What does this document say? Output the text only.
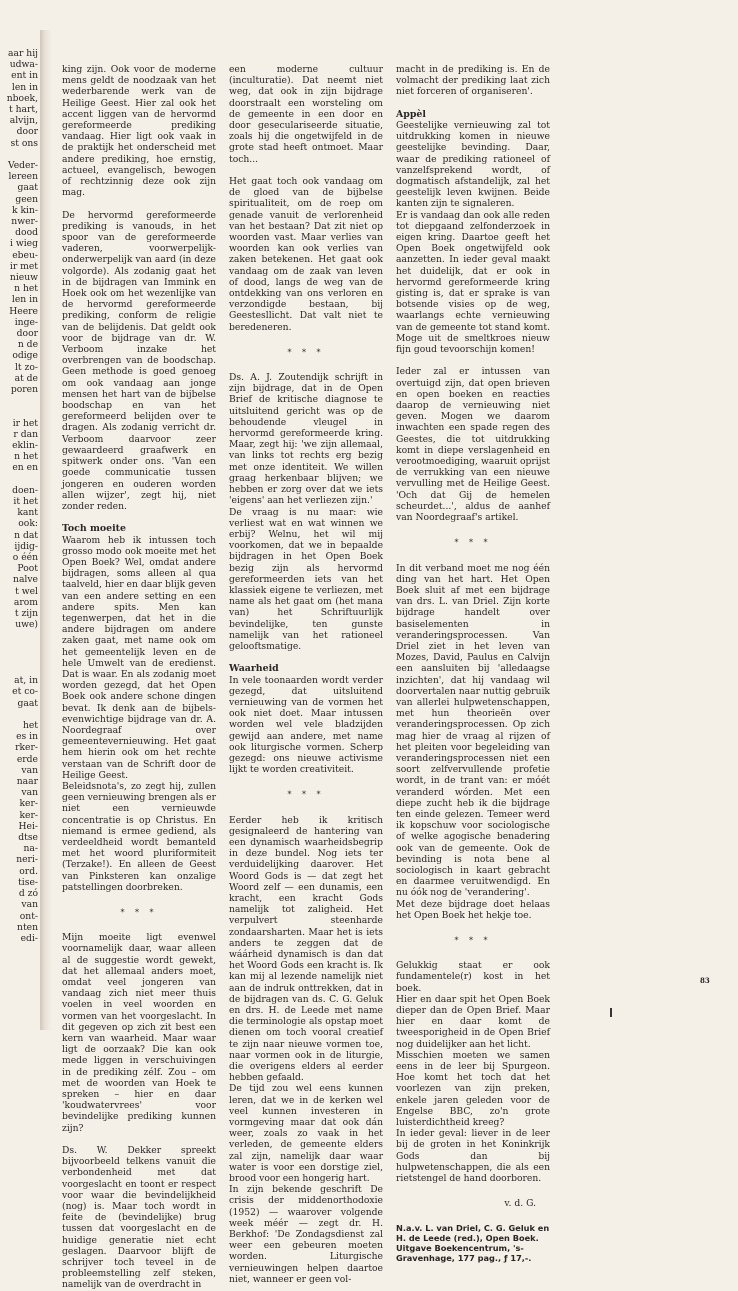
aar hij
udwa-
ent in
len in
nboek,
t hart,
alvijn,
door
st ons
Veder-
lereen
gaat
geen
k kin-
nwer-
dood
i wieg
ebeu-
ir met
nieuw
n het
len in
Heere
inge-
door
n de
odige
lt zo-
at de
poren
ir het
r dan
eklin-
n het
en en
doen-
it het
kant
ook:
n dat
ijdig-
o één
Poot
nalve
t wel
arom
t zijn
uwe)
at, in
et co-
gaat
het
es in
rker-
erde
van
naar
van
ker-
ker-
Hei-
dtse
na-
neri-
ord.
tise-
d zó
van
ont-
nten
edi-

king zijn. Ook voor de moderne mens geldt de noodzaak van het wederbarende werk van de Heilige Geest. Hier zal ook het accent liggen van de hervormd gereformeerde prediking vandaag. Hier ligt ook vaak in de praktijk het onderscheid met andere prediking, hoe ernstig, actueel, evangelisch, bewogen of rechtzinnig deze ook zijn mag.

De hervormd gereformeerde prediking is vanouds, in het spoor van de gereformeerde vaderen, voorwerpelijk-onderwerpelijk van aard (in deze volgorde). Als zodanig gaat het in de bijdragen van Immink en Hoek ook om het wezenlijke van de hervormd gereformeerde prediking, conform de religie van de belijdenis. Dat geldt ook voor de bijdrage van dr. W. Verboom inzake het overbrengen van de boodschap. Geen methode is goed genoeg om ook vandaag aan jonge mensen het hart van de bijbelse boodschap en van het gereformeerd belijden over te dragen. Als zodanig verricht dr. Verboom daarvoor zeer gewaardeerd graafwerk en spitwerk onder ons. 'Van een goede communicatie tussen jongeren en ouderen worden allen wijzer', zegt hij, niet zonder reden.

Toch moeite

Waarom heb ik intussen toch grosso modo ook moeite met het Open Boek? Wel, omdat andere bijdragen, soms alleen al qua taalveld, hier en daar blijk geven van een andere setting en een andere spits. Men kan tegenwerpen, dat het in die andere bijdragen om andere zaken gaat, met name ook om het gemeentelijk leven en de hele Umwelt van de eredienst. Dat is waar. En als zodanig moet worden gezegd, dat het Open Boek ook andere schone dingen bevat. Ik denk aan de bijbels-evenwichtige bijdrage van dr. A. Noordegraaf over gemeentevernieuwing. Het gaat hem hierin ook om het rechte verstaan van de Schrift door de Heilige Geest.

Beleidsnota's, zo zegt hij, zullen geen vernieuwing brengen als er niet een vernieuwde concentratie is op Christus. En niemand is ermee gediend, als verdeeldheid wordt bemanteld met het woord pluriformiteit (Terzake!). En alleen de Geest van Pinksteren kan onzalige patstellingen doorbreken.

* * *

Mijn moeite ligt evenwel voornamelijk daar, waar alleen al de suggestie wordt gewekt, dat het allemaal anders moet, omdat veel jongeren van vandaag zich niet meer thuis voelen in veel woorden en vormen van het voorgeslacht. In dit gegeven op zich zit best een kern van waarheid. Maar waar ligt de oorzaak? Die kan ook mede liggen in verschuivingen in de prediking zélf. Zou – om met de woorden van Hoek te spreken – hier en daar 'koudwatervrees' voor bevindelijke prediking kunnen zijn?

Ds. W. Dekker spreekt bijvoorbeeld telkens vanuit die verbondenheid met dat voorgeslacht en toont er respect voor waar die bevindelijkheid (nog) is. Maar toch wordt in feite de (bevindelijke) brug tussen dat voorgeslacht en de huidige generatie niet echt geslagen. Daarvoor blijft de schrijver toch teveel in de probleemstelling zelf steken, namelijk van de overdracht in

een moderne cultuur (inculturatie). Dat neemt niet weg, dat ook in zijn bijdrage doorstraalt een worsteling om de gemeente in een door en door geseculariseerde situatie, zoals hij die ongetwijfeld in de grote stad heeft ontmoet. Maar toch...

Het gaat toch ook vandaag om de gloed van de bijbelse spiritualiteit, om de roep om genade vanuit de verlorenheid van het bestaan? Dat zit niet op woorden vast. Maar verlies van woorden kan ook verlies van zaken betekenen. Het gaat ook vandaag om de zaak van leven of dood, langs de weg van de ontdekking van ons verloren en verzondigde bestaan, bij Geestesllicht. Dat valt niet te beredeneren.

* * *

Ds. A. J. Zoutendijk schrijft in zijn bijdrage, dat in de Open Brief de kritische diagnose te uitsluitend gericht was op de behoudende vleugel in hervormd gereformeerde kring. Maar, zegt hij: 'we zijn allemaal, van links tot rechts erg bezig met onze identiteit. We willen graag herkenbaar blijven; we hebben er zorg over dat we iets 'eigens' aan het verliezen zijn.'

De vraag is nu maar: wie verliest wat en wat winnen we erbij? Welnu, het wil mij voorkomen, dat we in bepaalde bijdragen in het Open Boek bezig zijn als hervormd gereformeerden iets van het klassiek eigene te verliezen, met name als het gaat om (het mana van) het Schriftuurlijk bevindelijke, ten gunste namelijk van het rationeel gelooftsmatige.

Waarheid

In vele toonaarden wordt verder gezegd, dat uitsluitend vernieuwing van de vormen het ook niet doet. Maar intussen worden wel vele bladzijden gewijd aan andere, met name ook liturgische vormen. Scherp gezegd: ons nieuwe activisme lijkt te worden creativiteit.

* * *

Eerder heb ik kritisch gesignaleerd de hantering van een dynamisch waarheidsbegrip in deze bundel. Nog iets ter verduidelijking daarover. Het Woord Gods is — dat zegt het Woord zelf — een dunamis, een kracht, een kracht Gods namelijk tot zaligheid. Het verpulvert steenharde zondaarsharten. Maar het is iets anders te zeggen dat de wáárheid dynamisch is dan dat het Woord Gods een kracht is. Ik kan mij al lezende namelijk niet aan de indruk onttrekken, dat in de bijdragen van ds. C. G. Geluk en drs. H. de Leede met name die terminologie als opstap moet dienen om toch vooral creatief te zijn naar nieuwe vormen toe, naar vormen ook in de liturgie, die overigens elders al eerder hebben gefaald.

De tijd zou wel eens kunnen leren, dat we in de kerken wel veel kunnen investeren in vormgeving maar dat ook dán weer, zoals zo vaak in het verleden, de gemeente elders zal zijn, namelijk daar waar water is voor een dorstige ziel, brood voor een hongerig hart.

In zijn bekende geschrift De crisis der middenorthodoxie (1952) — waarover volgende week méér — zegt dr. H. Berkhof: 'De Zondagsdienst zal weer een gebeuren moeten worden. Liturgische vernieuwingen helpen daartoe niet, wanneer er geen vol-

macht in de prediking is. En de volmacht der prediking laat zich niet forceren of organiseren'.

Appèl

Geestelijke vernieuwing zal tot uitdrukking komen in nieuwe geestelijke bevinding. Daar, waar de prediking rationeel of vanzelfsprekend wordt, of dogmatisch afstandelijk, zal het geestelijk leven kwijnen. Beide kanten zijn te signaleren.

Er is vandaag dan ook alle reden tot diepgaand zelfonderzoek in eigen kring. Daartoe geeft het Open Boek ongetwijfeld ook aanzetten. In ieder geval maakt het duidelijk, dat er ook in hervormd gereformeerde kring gisting is, dat er sprake is van botsende visies op de weg, waarlangs echte vernieuwing van de gemeente tot stand komt. Moge uit de smeltkroes nieuw fijn goud tevoorschijn komen!

Ieder zal er intussen van overtuigd zijn, dat open brieven en open boeken en reacties daarop de vernieuwing niet geven. Mogen we daarom inwachten een spade regen des Geestes, die tot uitdrukking komt in diepe verslagenheid en verootmoediging, waaruit oprijst de verrukking van een nieuwe vervulling met de Heilige Geest. 'Och dat Gij de hemelen scheurdet...', aldus de aanhef van Noordegraaf's artikel.

* * *

In dit verband moet me nog één ding van het hart. Het Open Boek sluit af met een bijdrage van drs. L. van Driel. Zijn korte bijdrage handelt over basiselementen in veranderingsprocessen. Van Driel ziet in het leven van Mozes, David, Paulus en Calvijn een aansluiten bij 'alledaagse inzichten', dat hij vandaag wil doorvertalen naar nuttig gebruik van allerlei hulpwetenschappen, met hun theorieën over veranderingsprocessen. Op zich mag hier de vraag al rijzen of het pleiten voor begeleiding van veranderingsprocessen niet een soort zelfvervullende profetie wordt, in de trant van: er móét veranderd wórden. Met een diepe zucht heb ik die bijdrage ten einde gelezen. Temeer werd ik kopschuw voor sociologische of welke agogische benadering ook van de gemeente. Ook de bevinding is nota bene al sociologisch in kaart gebracht en daarmee veruitwendigd. En nu óók nog de 'verandering'.

Met deze bijdrage doet helaas het Open Boek het hekje toe.

* * *

Gelukkig staat er ook fundamentele(r) kost in het boek.

Hier en daar spit het Open Boek dieper dan de Open Brief. Maar hier en daar komt de tweesporigheid in de Open Brief nog duidelijker aan het licht.

Misschien moeten we samen eens in de leer bij Spurgeon. Hoe komt het toch dat het voorlezen van zijn preken, enkele jaren geleden voor de Engelse BBC, zo'n grote luisterdichtheid kreeg?

In ieder geval: liever in de leer bij de groten in het Koninkrijk Gods dan bij hulpwetenschappen, die als een rietstengel de hand doorboren.

v. d. G.
N.a.v. L. van Driel, C. G. Geluk en H. de Leede (red.), Open Boek. Uitgave Boekencentrum, 's-Gravenhage, 177 pag., ƒ 17,-.
83
